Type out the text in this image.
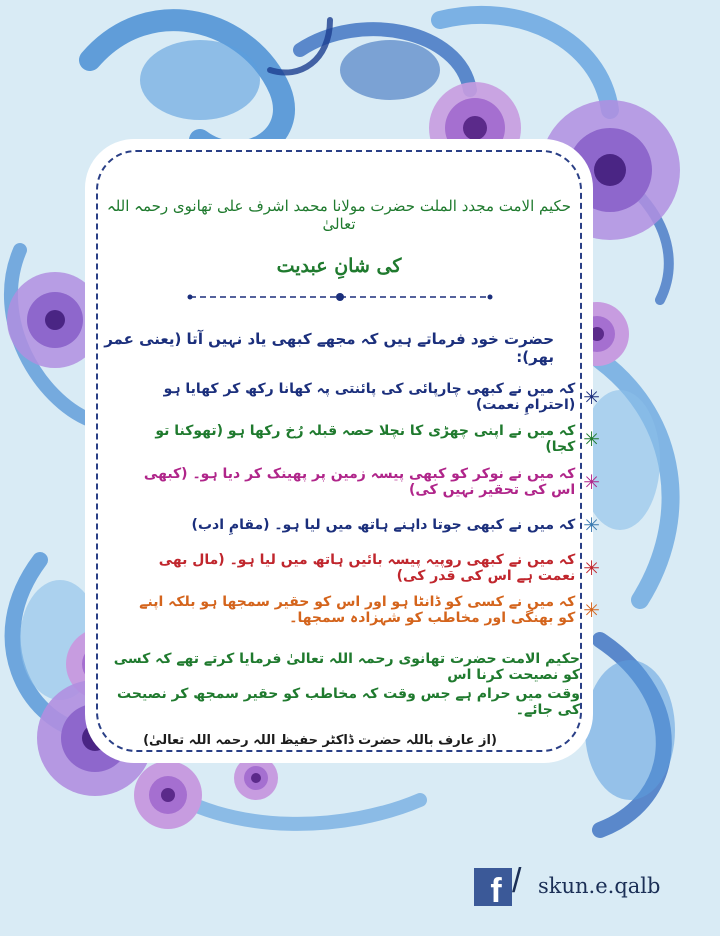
حکیم الامت مجدد الملت حضرت مولانا محمد اشرف علی تھانوی رحمہ اللہ تعالیٰ
کی شانِ عبدیت
حضرت خود فرماتے ہیں کہ مجھے کبھی یاد نہیں آتا (یعنی عمر بھر):
✳
کہ میں نے کبھی چارپائی کی پائنتی پہ کھانا رکھ کر کھایا ہو (احترامِ نعمت)
✳
کہ میں نے اپنی چھڑی کا نچلا حصہ قبلہ رُخ رکھا ہو (تھوکنا تو کجا)
✳
کہ میں نے نوکر کو کبھی پیسہ زمین پر پھینک کر دیا ہو۔ (کبھی اس کی تحقیر نہیں کی)
✳
کہ میں نے کبھی جوتا داہنے ہاتھ میں لیا ہو۔ (مقامِ ادب)
✳
کہ میں نے کبھی روپیہ پیسہ بائیں ہاتھ میں لیا ہو۔ (مال بھی نعمت ہے اس کی قدر کی)
✳
کہ میں نے کسی کو ڈانٹا ہو اور اس کو حقیر سمجھا ہو بلکہ اپنے کو بھنگی اور مخاطب کو شہزادہ سمجھا۔
حکیم الامت حضرت تھانوی رحمہ اللہ تعالیٰ فرمایا کرتے تھے کہ کسی کو نصیحت کرنا اس
وقت میں حرام ہے جس وقت کہ مخاطب کو حقیر سمجھ کر نصیحت کی جائے۔
(از عارف باللہ حضرت ڈاکٹر حفیظ اللہ رحمہ اللہ تعالیٰ)
f / skun.e.qalb
